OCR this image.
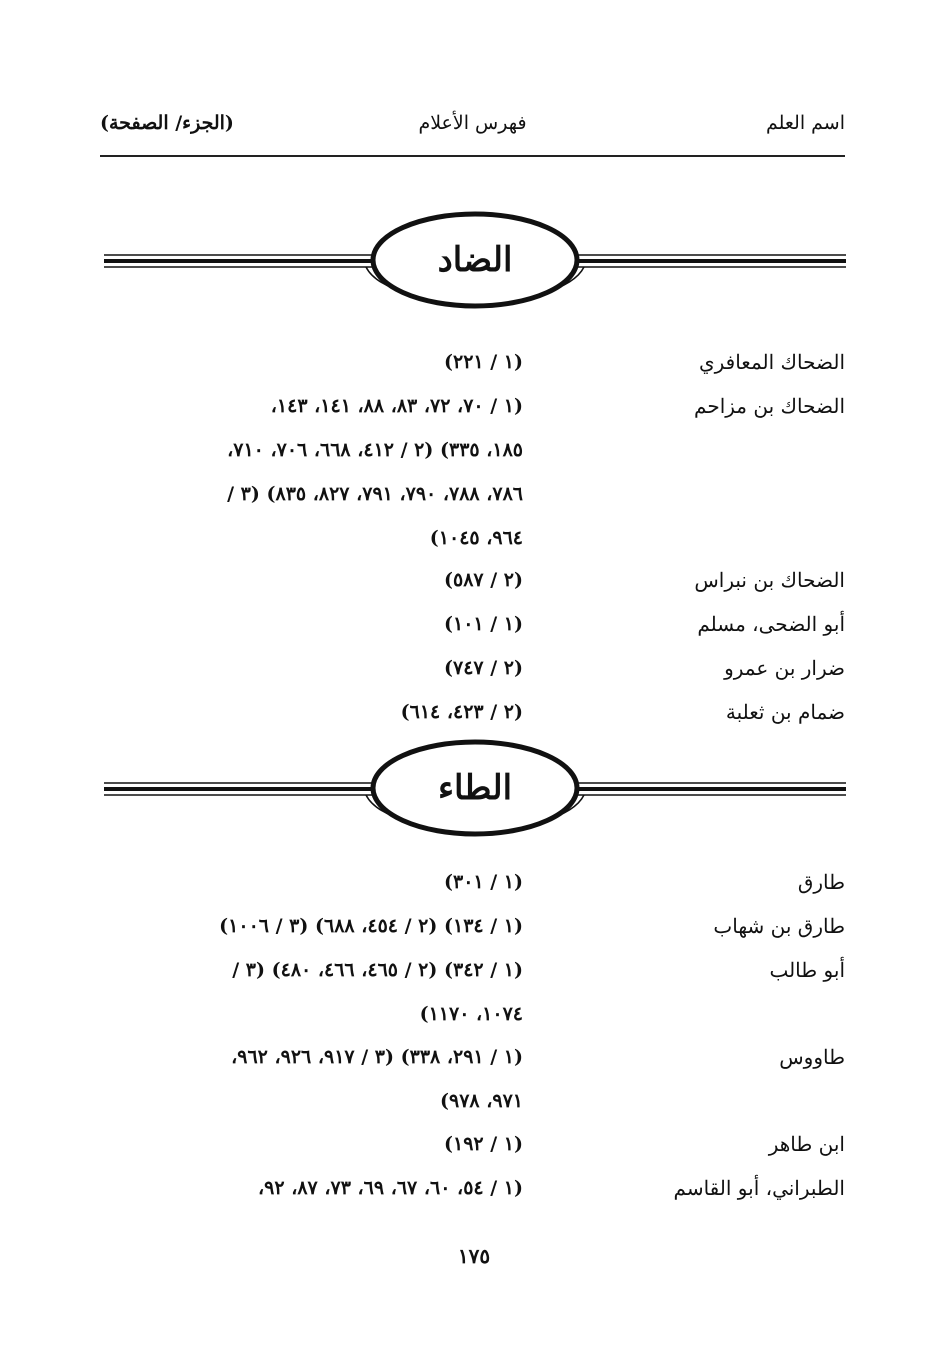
اسم العلم
فهرس الأعلام
(الجزء/ الصفحة)
الضاد
الضحاك المعافري
(١ / ٢٢١)
الضحاك بن مزاحم
(١ / ٧٠، ٧٢، ٨٣، ٨٨، ١٤١، ١٤٣،
١٨٥، ٣٣٥) (٢ / ٤١٢، ٦٦٨، ٧٠٦، ٧١٠،
٧٨٦، ٧٨٨، ٧٩٠، ٧٩١، ٨٢٧، ٨٣٥) (٣ /
٩٦٤، ١٠٤٥)
الضحاك بن نبراس
(٢ / ٥٨٧)
أبو الضحى، مسلم
(١ / ١٠١)
ضرار بن عمرو
(٢ / ٧٤٧)
ضمام بن ثعلبة
(٢ / ٤٢٣، ٦١٤)
الطاء
طارق
(١ / ٣٠١)
طارق بن شهاب
(١ / ١٣٤) (٢ / ٤٥٤، ٦٨٨) (٣ / ١٠٠٦)
أبو طالب
(١ / ٣٤٢) (٢ / ٤٦٥، ٤٦٦، ٤٨٠) (٣ /
١٠٧٤، ١١٧٠)
طاووس
(١ / ٢٩١، ٣٣٨) (٣ / ٩١٧، ٩٢٦، ٩٦٢،
٩٧١، ٩٧٨)
ابن طاهر
(١ / ١٩٢)
الطبراني، أبو القاسم
(١ / ٥٤، ٦٠، ٦٧، ٦٩، ٧٣، ٨٧، ٩٢،
١٧٥
